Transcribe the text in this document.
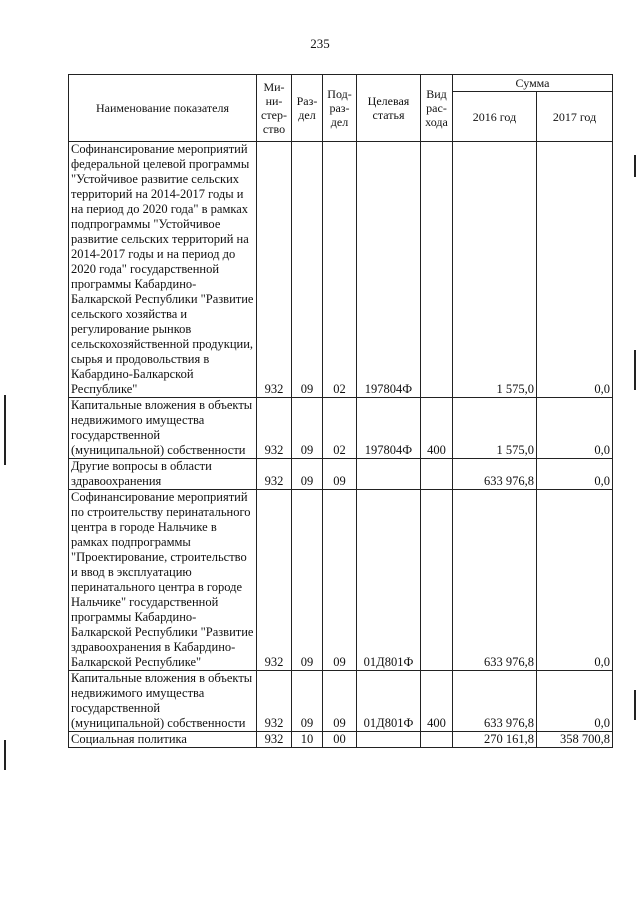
235
Наименование показателя	Ми-
ни-
стер-
ство	Раз-
дел	Под-
раз-
дел	Целевая
статья	Вид
рас-
хода	Сумма	
						2016 год	2017 год
Софинансирование мероприятий федеральной целевой программы "Устойчивое развитие сельских территорий на 2014-2017 годы и на период до 2020 года" в рамках подпрограммы "Устойчивое развитие сельских территорий на 2014-2017 годы и на период до 2020 года" государственной программы Кабардино-Балкарской Республики "Развитие сельского хозяйства и регулирование рынков сельскохозяйственной продукции, сырья и продовольствия в Кабардино-Балкарской Республике"	932	09	02	197804Ф		1 575,0	0,0
Капитальные вложения в объекты недвижимого имущества государственной (муниципальной) собственности	932	09	02	197804Ф	400	1 575,0	0,0
Другие вопросы в области здравоохранения	932	09	09			633 976,8	0,0
Софинансирование мероприятий по строительству перинатального центра в городе Нальчике в рамках подпрограммы "Проектирование, строительство и ввод в эксплуатацию перинатального центра в городе Нальчике" государственной программы Кабардино-Балкарской Республики "Развитие здравоохранения в Кабардино-Балкарской Республике"	932	09	09	01Д801Ф		633 976,8	0,0
Капитальные вложения в объекты недвижимого имущества государственной (муниципальной) собственности	932	09	09	01Д801Ф	400	633 976,8	0,0
Социальная политика	932	10	00			270 161,8	358 700,8
